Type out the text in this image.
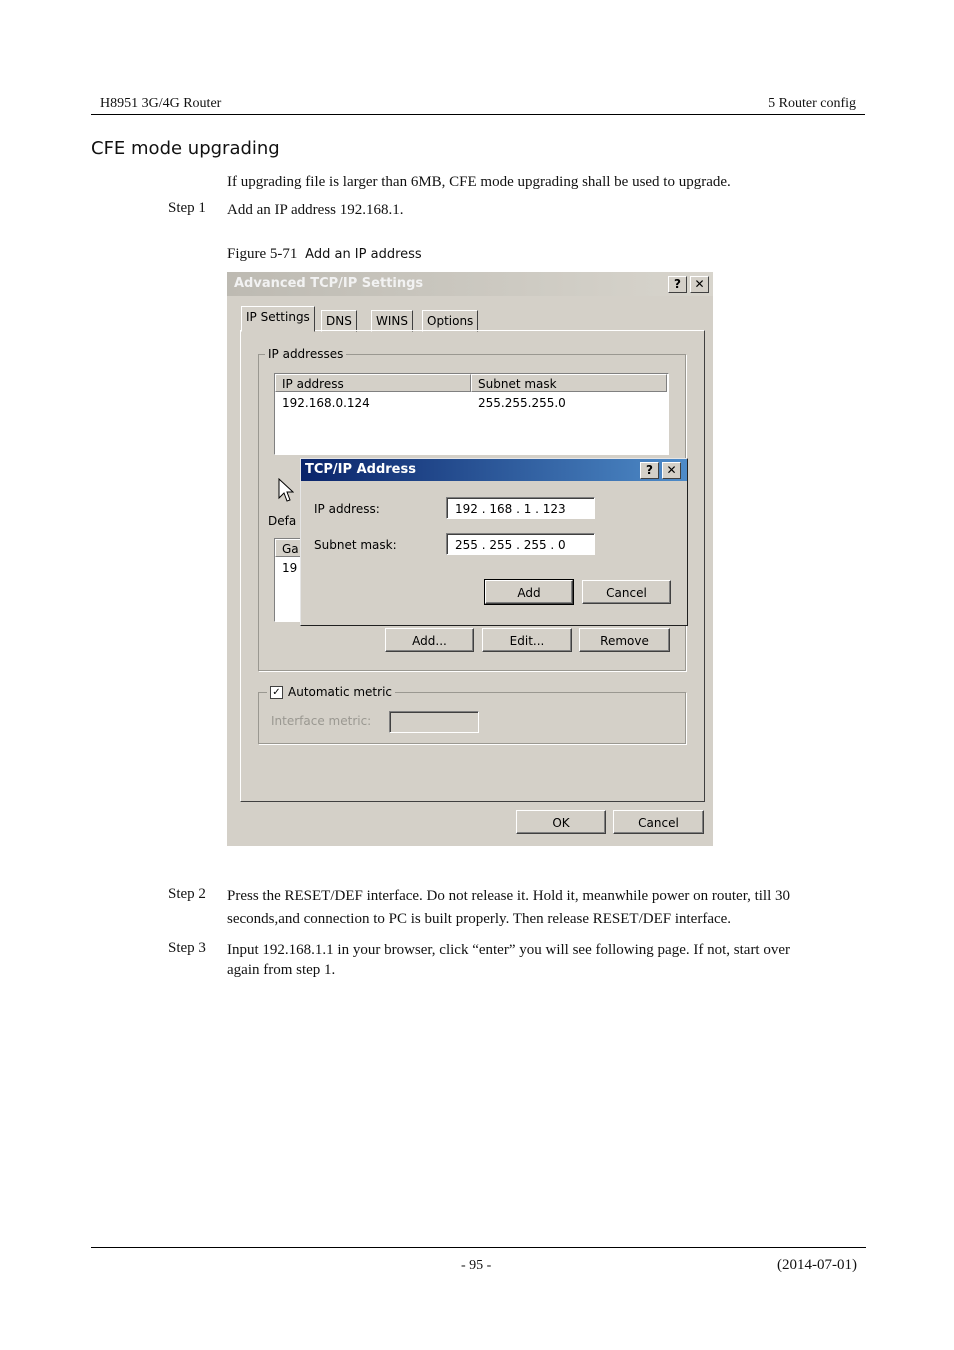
H8951 3G/4G Router	5 Router config
CFE mode upgrading
If upgrading file is larger than 6MB, CFE mode upgrading shall be used to upgrade.
Step 1 Add an IP address 192.168.1.
Figure 5-71 Add an IP address
Advanced TCP/IP Settings	?	✕
IP Settings	DNS	WINS	Options
IP addresses
IP address	Subnet mask
192.168.0.124	255.255.255.0
Defa
Ga
19
Add...	Edit...	Remove
✓ Automatic metric
Interface metric:
OK	Cancel
TCP/IP Address	?	✕
IP address:	192 . 168 . 1 . 123
Subnet mask:	255 . 255 . 255 . 0
Add	Cancel
Step 2 Press the RESET/DEF interface. Do not release it. Hold it, meanwhile power on router, till 30
seconds,and connection to PC is built properly. Then release RESET/DEF interface.
Step 3 Input 192.168.1.1 in your browser, click “enter” you will see following page. If not, start over
again from step 1.
- 95 -	(2014-07-01)
